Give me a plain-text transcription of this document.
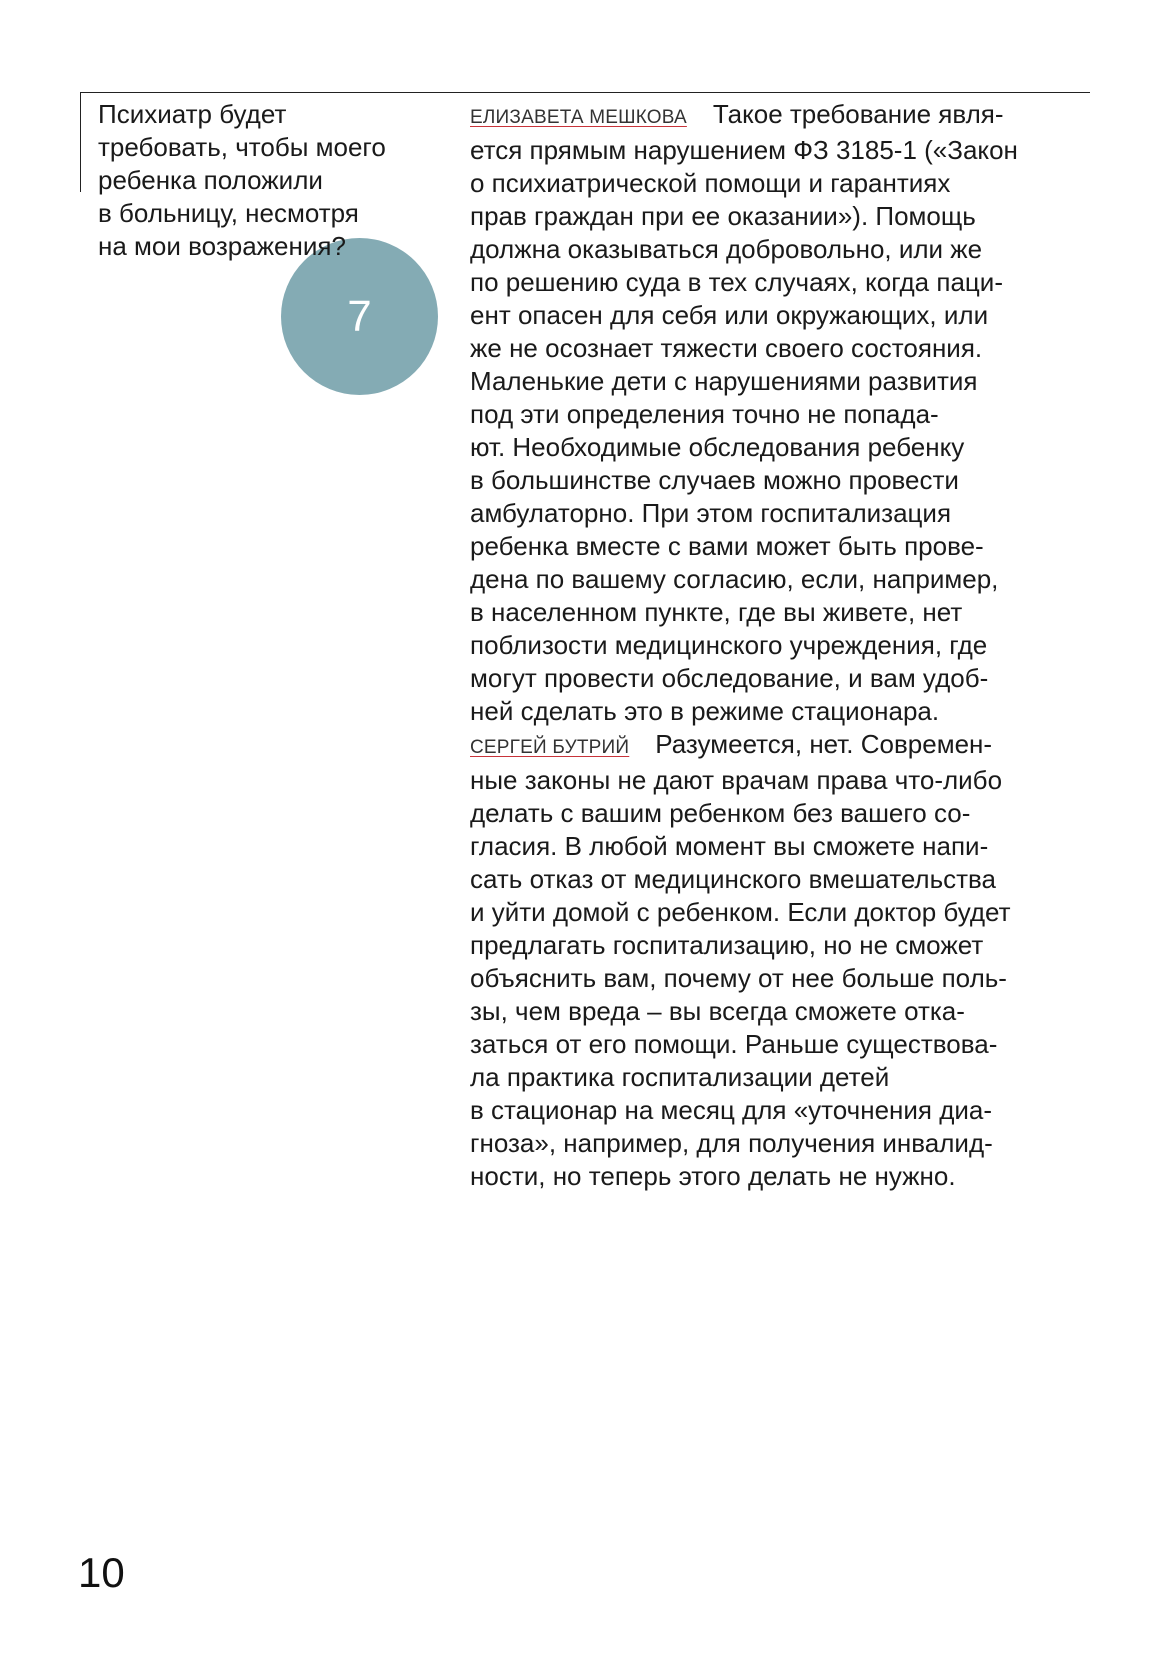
Психиатр будет
требовать, чтобы моего
ребенка положили
в больницу, несмотря
на мои возражения?
7
ЕЛИЗАВЕТА МЕШКОВА Такое требование явля-
ется прямым нарушением ФЗ 3185-1 («Закон
о психиатрической помощи и гарантиях
прав граждан при ее оказании»). Помощь
должна оказываться добровольно, или же
по решению суда в тех случаях, когда паци-
ент опасен для себя или окружающих, или
же не осознает тяжести своего состояния.
Маленькие дети с нарушениями развития
под эти определения точно не попада-
ют. Необходимые обследования ребенку
в большинстве случаев можно провести
амбулаторно. При этом госпитализация
ребенка вместе с вами может быть прове-
дена по вашему согласию, если, например,
в населенном пункте, где вы живете, нет
поблизости медицинского учреждения, где
могут провести обследование, и вам удоб-
ней сделать это в режиме стационара.
СЕРГЕЙ БУТРИЙ Разумеется, нет. Современ-
ные законы не дают врачам права что-либо
делать с вашим ребенком без вашего со-
гласия. В любой момент вы сможете напи-
сать отказ от медицинского вмешательства
и уйти домой с ребенком. Если доктор будет
предлагать госпитализацию, но не сможет
объяснить вам, почему от нее больше поль-
зы, чем вреда – вы всегда сможете отка-
заться от его помощи. Раньше существова-
ла практика госпитализации детей
в стационар на месяц для «уточнения диа-
гноза», например, для получения инвалид-
ности, но теперь этого делать не нужно.
10
